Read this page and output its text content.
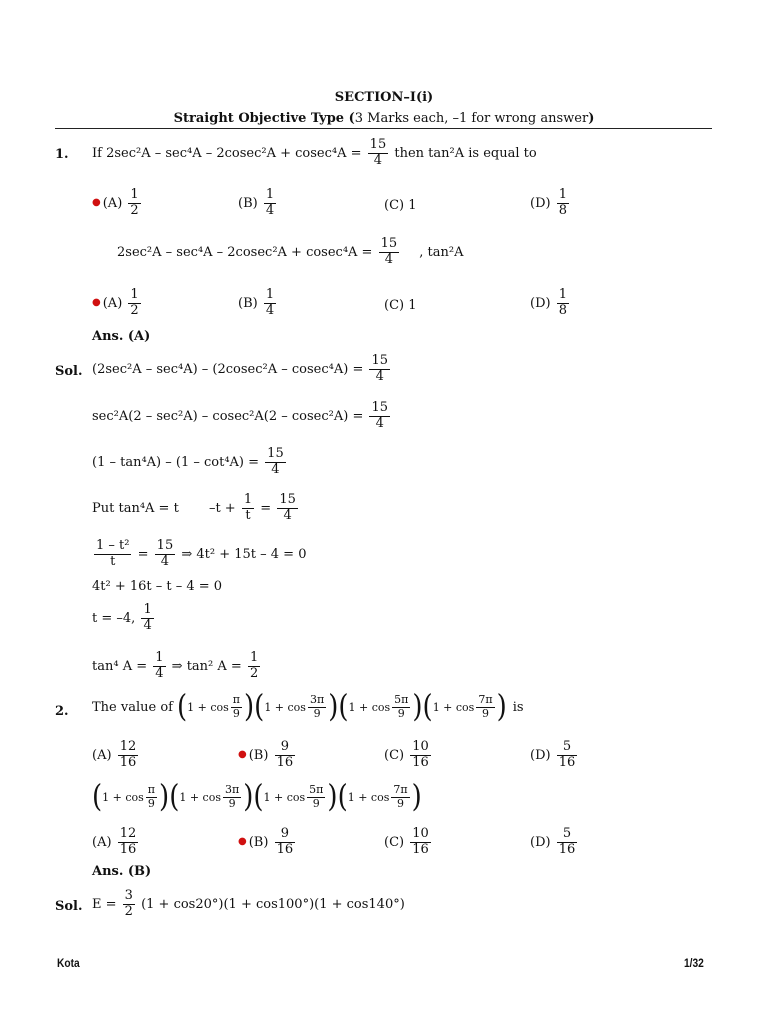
SECTION–I(i)
Straight Objective Type (3 Marks each, –1 for wrong answer)
1. If $2\sec^2A - \sec^4A - 2cosec^2A + cosec^4A = \frac{15}{4}$ then tan²A is equal to
● $(A) \frac{1}{2}$	$(B) \frac{1}{4}$	(C) 1	$(D) \frac{1}{8}$
$2\sec^2A - \sec^4A - 2cosec^2A + cosec^4A = \frac{15}{4}$ , tan²A
● $(A) \frac{1}{2}$	$(B) \frac{1}{4}$	(C) 1	$(D) \frac{1}{8}$
Ans. (A)
Sol. $(2\sec^2A - \sec^4A) - (2cosec^2A - cosec^4A) = \frac{15}{4}$
$\sec^2A(2 - \sec^2A) - cosec^2A(2 - cosec^2A) = \frac{15}{4}$
$(1 - \tan^4A) - (1 - \cot^4A) = \frac{15}{4}$
Put tan⁴A = t $-t + \frac{1}{t} = \frac{15}{4}$
$\frac{\text{1 – t²}}{t} = \frac{15}{4}$ ⇒ 4t² + 15t – 4 = 0
4t² + 16t – t – 4 = 0
t = –4, $\frac{1}{4}$
tan⁴ $A = \frac{1}{4}$ ⇒ tan² $A = \frac{1}{2}$
2. The value of ( $1 + \cos \frac{\pi}{9}$ ) ( $1 + \cos \frac{3\pi}{9}$ ) ( $1 + \cos \frac{5\pi}{9}$ ) ( $1 + \cos \frac{7\pi}{9}$ ) is
$(A) \frac{12}{16}$	● $(B) \frac{9}{16}$	$(C) \frac{10}{16}$	$(D) \frac{5}{16}$
( $1 + \cos \frac{\pi}{9}$ ) ( $1 + \cos \frac{3\pi}{9}$ ) ( $1 + \cos \frac{5\pi}{9}$ ) ( $1 + \cos \frac{7\pi}{9}$ )
$(A) \frac{12}{16}$	● $(B) \frac{9}{16}$	$(C) \frac{10}{16}$	$(D) \frac{5}{16}$
Ans. (B)
Sol. $E = \frac{3}{2} (1 + \cos 20^\circ)(1 + \cos 100^\circ)(1 + \cos 140^\circ)$
Kota	1/32
